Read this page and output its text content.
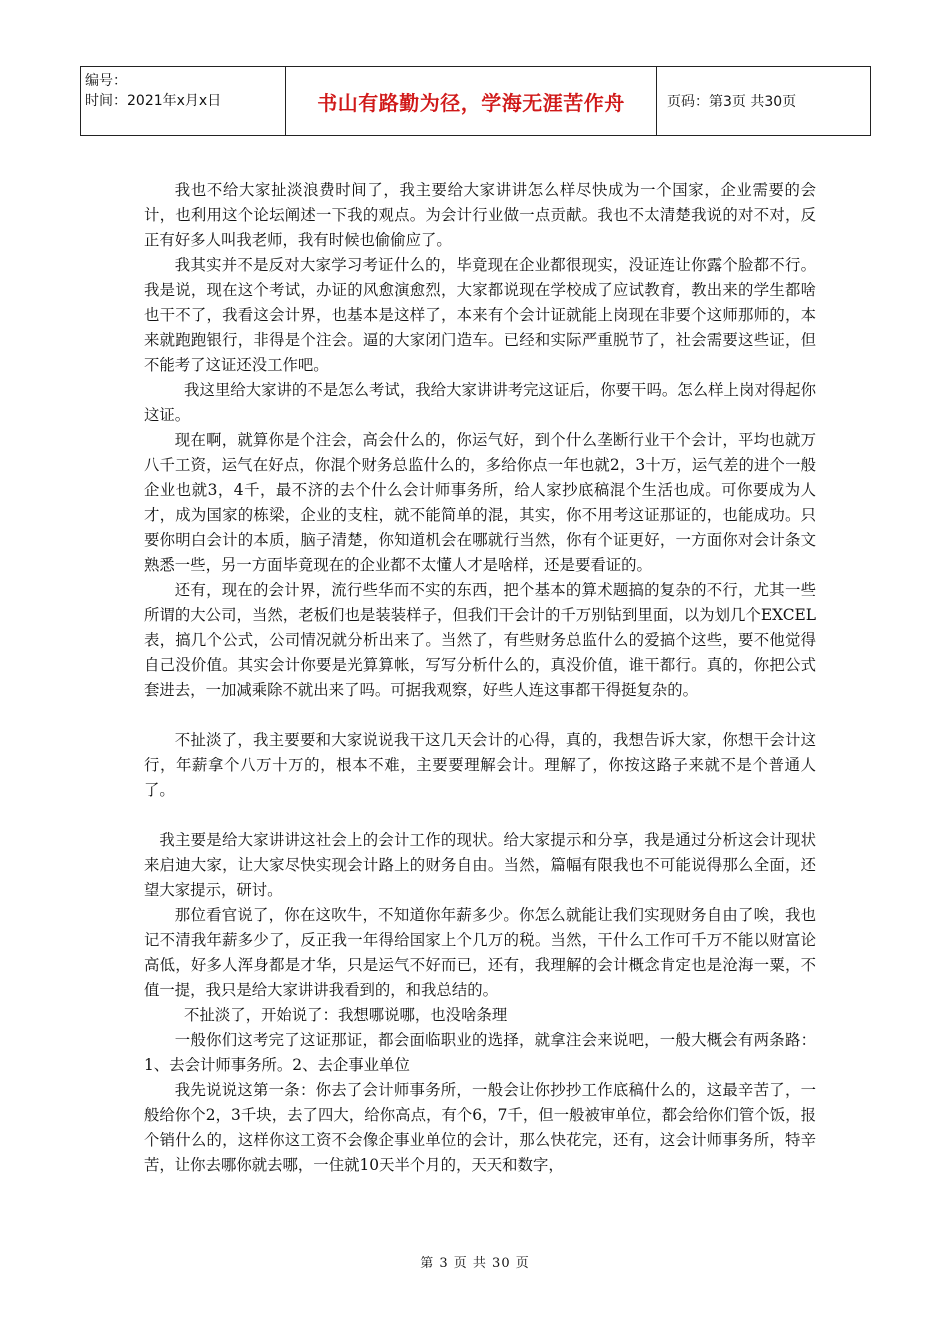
编号：
时间：2021年x月x日	书山有路勤为径，学海无涯苦作舟	页码：第3页 共30页

我也不给大家扯淡浪费时间了，我主要给大家讲讲怎么样尽快成为一个国家，企业需要的会计，也利用这个论坛阐述一下我的观点。为会计行业做一点贡献。我也不太清楚我说的对不对，反正有好多人叫我老师，我有时候也偷偷应了。

我其实并不是反对大家学习考证什么的，毕竟现在企业都很现实，没证连让你露个脸都不行。我是说，现在这个考试，办证的风愈演愈烈，大家都说现在学校成了应试教育，教出来的学生都啥也干不了，我看这会计界，也基本是这样了，本来有个会计证就能上岗现在非要个这师那师的，本来就跑跑银行，非得是个注会。逼的大家闭门造车。已经和实际严重脱节了，社会需要这些证，但不能考了这证还没工作吧。

我这里给大家讲的不是怎么考试，我给大家讲讲考完这证后，你要干吗。怎么样上岗对得起你这证。

现在啊，就算你是个注会，高会什么的，你运气好，到个什么垄断行业干个会计，平均也就万八千工资，运气在好点，你混个财务总监什么的，多给你点一年也就2，3十万，运气差的进个一般企业也就3，4千，最不济的去个什么会计师事务所，给人家抄底稿混个生活也成。可你要成为人才，成为国家的栋梁，企业的支柱，就不能简单的混，其实，你不用考这证那证的，也能成功。只要你明白会计的本质，脑子清楚，你知道机会在哪就行当然，你有个证更好，一方面你对会计条文熟悉一些，另一方面毕竟现在的企业都不太懂人才是啥样，还是要看证的。

还有，现在的会计界，流行些华而不实的东西，把个基本的算术题搞的复杂的不行，尤其一些所谓的大公司，当然，老板们也是装装样子，但我们干会计的千万别钻到里面，以为划几个EXCEL表，搞几个公式，公司情况就分析出来了。当然了，有些财务总监什么的爱搞个这些，要不他觉得自己没价值。其实会计你要是光算算帐，写写分析什么的，真没价值，谁干都行。真的，你把公式套进去，一加减乘除不就出来了吗。可据我观察，好些人连这事都干得挺复杂的。

不扯淡了，我主要要和大家说说我干这几天会计的心得，真的，我想告诉大家，你想干会计这行，年薪拿个八万十万的，根本不难，主要要理解会计。理解了，你按这路子来就不是个普通人了。

我主要是给大家讲讲这社会上的会计工作的现状。给大家提示和分享，我是通过分析这会计现状来启迪大家，让大家尽快实现会计路上的财务自由。当然，篇幅有限我也不可能说得那么全面，还望大家提示，研讨。

那位看官说了，你在这吹牛，不知道你年薪多少。你怎么就能让我们实现财务自由了唉，我也记不清我年薪多少了，反正我一年得给国家上个几万的税。当然，干什么工作可千万不能以财富论高低，好多人浑身都是才华，只是运气不好而已，还有，我理解的会计概念肯定也是沧海一粟，不值一提，我只是给大家讲讲我看到的，和我总结的。

不扯淡了，开始说了：我想哪说哪，也没啥条理

一般你们这考完了这证那证，都会面临职业的选择，就拿注会来说吧，一般大概会有两条路：1、去会计师事务所。2、去企事业单位

我先说说这第一条：你去了会计师事务所，一般会让你抄抄工作底稿什么的，这最辛苦了，一般给你个2，3千块，去了四大，给你高点，有个6，7千，但一般被审单位，都会给你们管个饭，报个销什么的，这样你这工资不会像企事业单位的会计，那么快花完，还有，这会计师事务所，特辛苦，让你去哪你就去哪，一住就10天半个月的，天天和数字，

第 3 页 共 30 页
